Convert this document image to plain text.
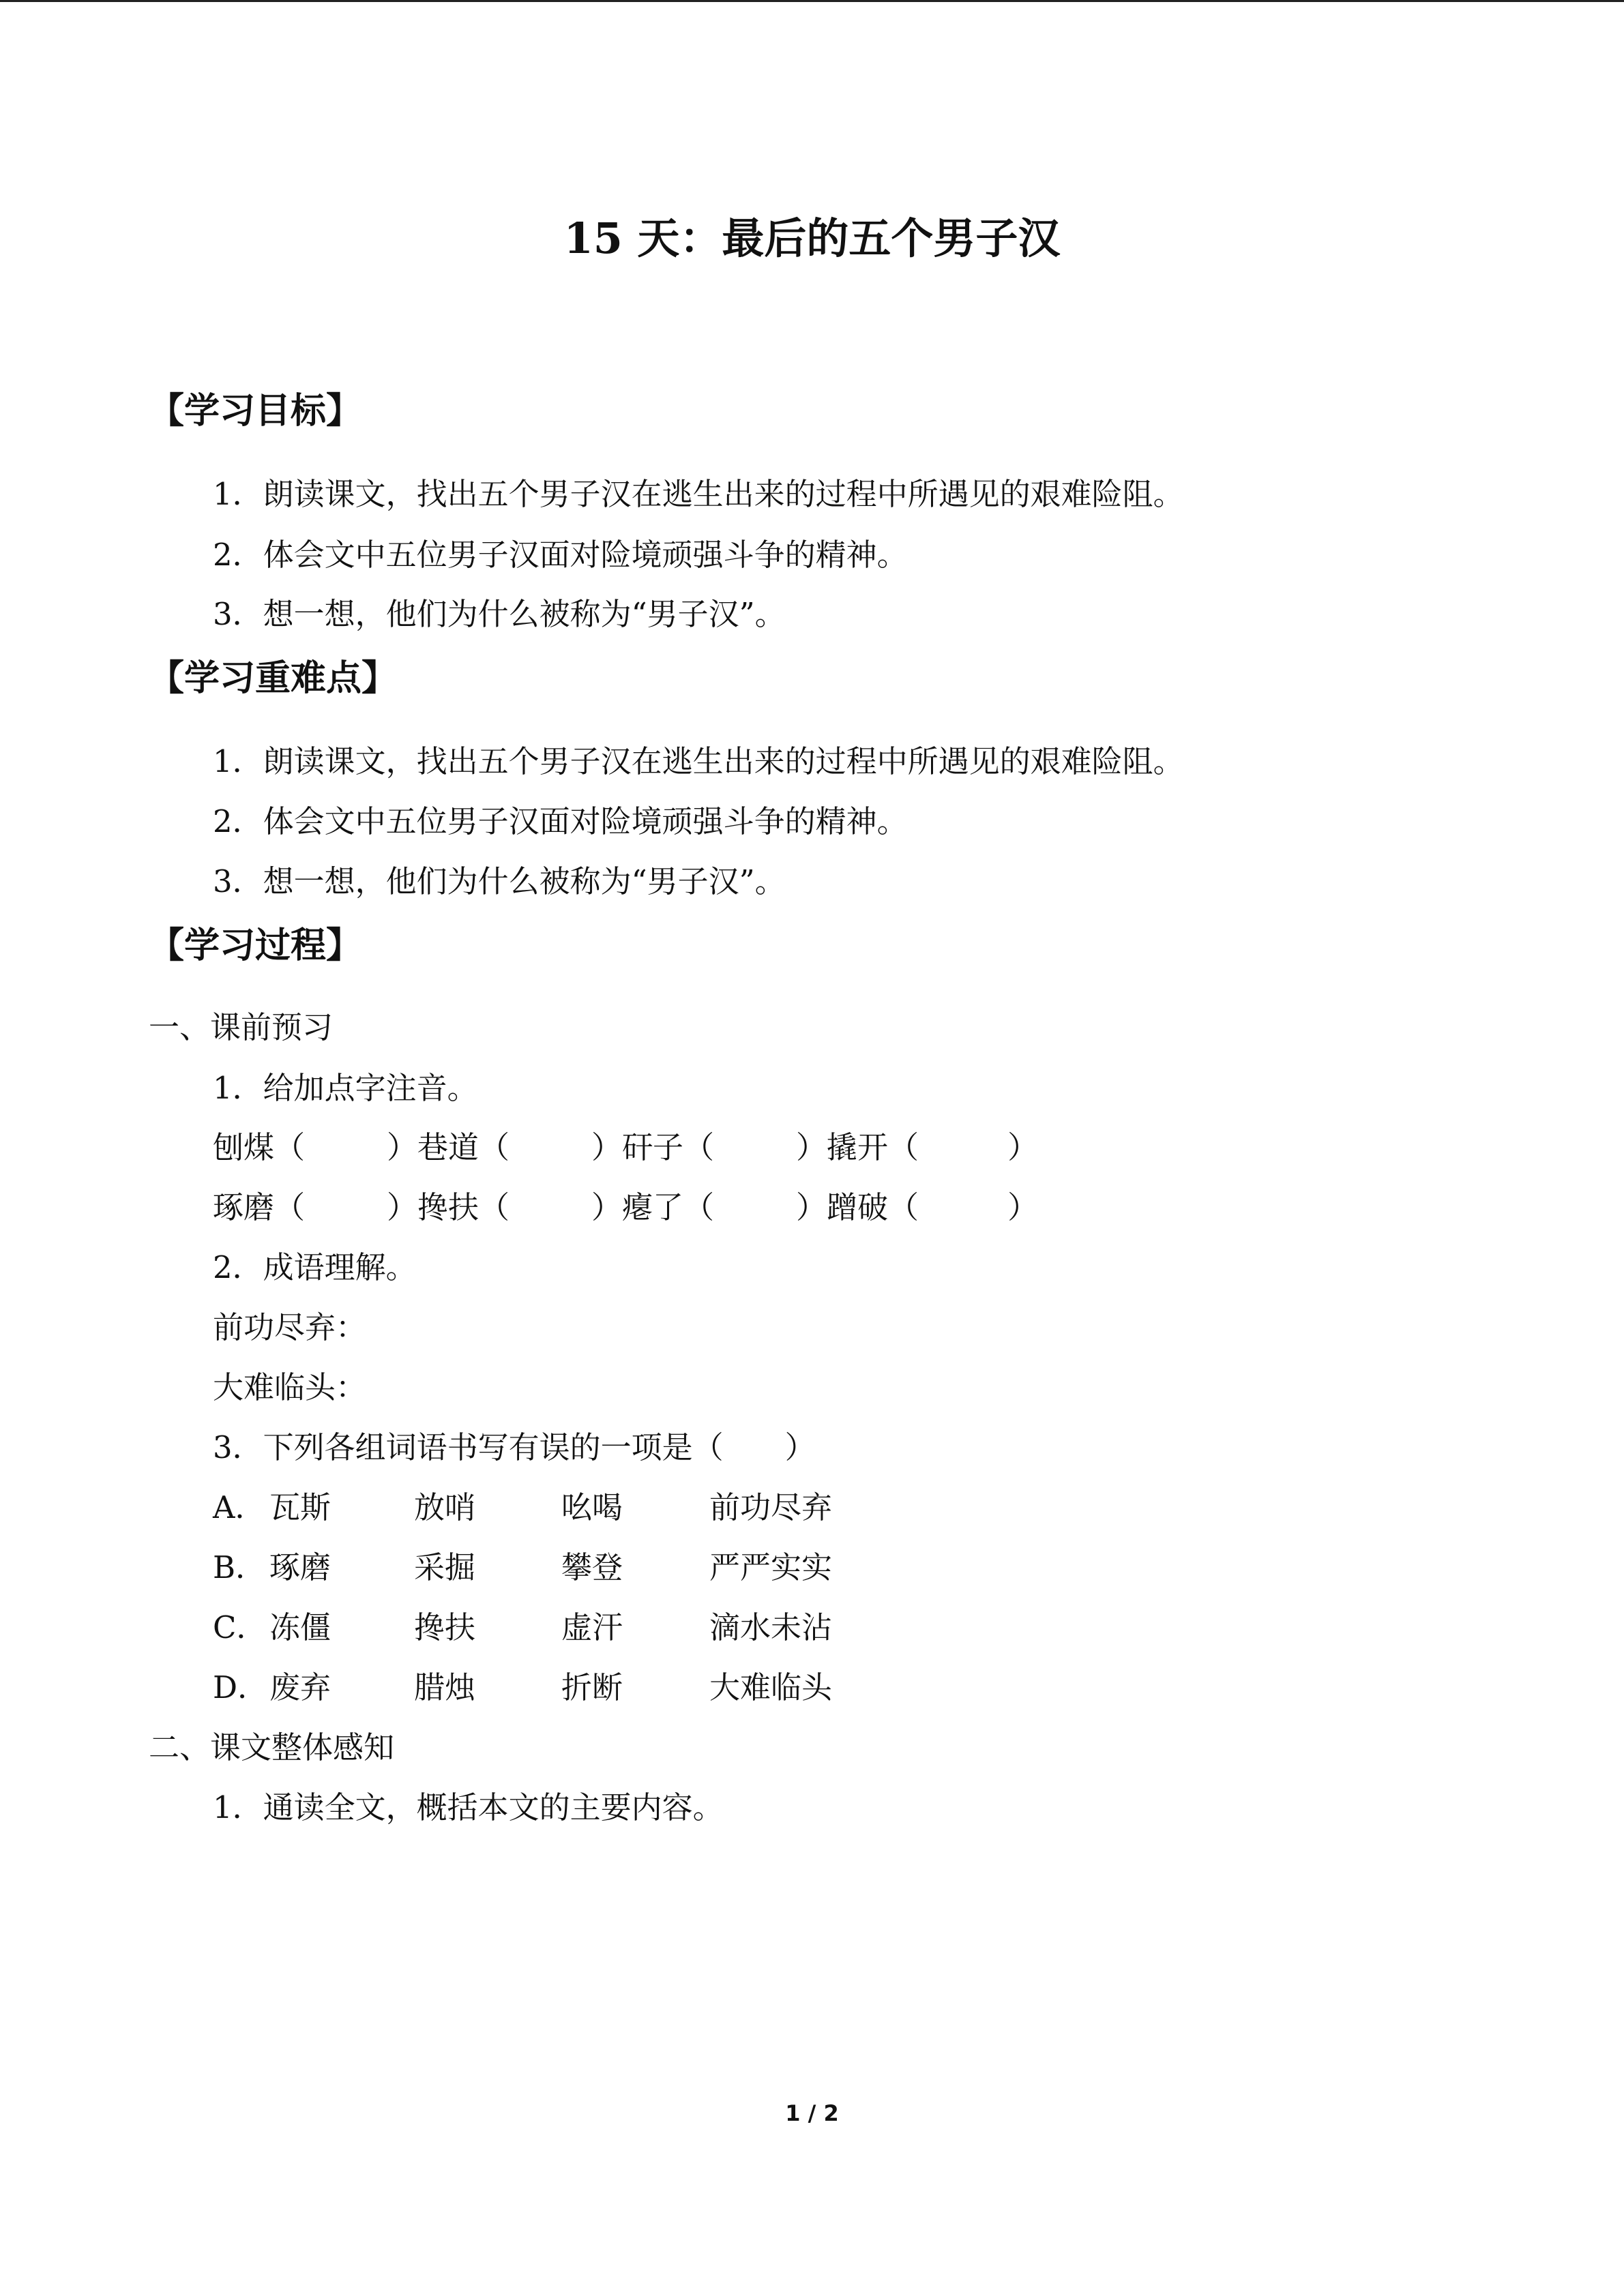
15 天：最后的五个男子汉
【学习目标】
1．朗读课文，找出五个男子汉在逃生出来的过程中所遇见的艰难险阻。
2．体会文中五位男子汉面对险境顽强斗争的精神。
3．想一想，他们为什么被称为“男子汉”。
【学习重难点】
1．朗读课文，找出五个男子汉在逃生出来的过程中所遇见的艰难险阻。
2．体会文中五位男子汉面对险境顽强斗争的精神。
3．想一想，他们为什么被称为“男子汉”。
【学习过程】
一、课前预习
1．给加点字注音。
刨煤（	）巷道（	）矸子（	）撬开（	）
琢磨（	）搀扶（	）瘪了（	）蹭破（	）
2．成语理解。
前功尽弃：
大难临头：
3．下列各组词语书写有误的一项是（　　）
A． 瓦斯	放哨	吆喝	前功尽弃
B． 琢磨	采掘	攀登	严严实实
C． 冻僵	搀扶	虚汗	滴水未沾
D． 废弃	腊烛	折断	大难临头
二、课文整体感知
1．通读全文，概括本文的主要内容。
1 / 2
